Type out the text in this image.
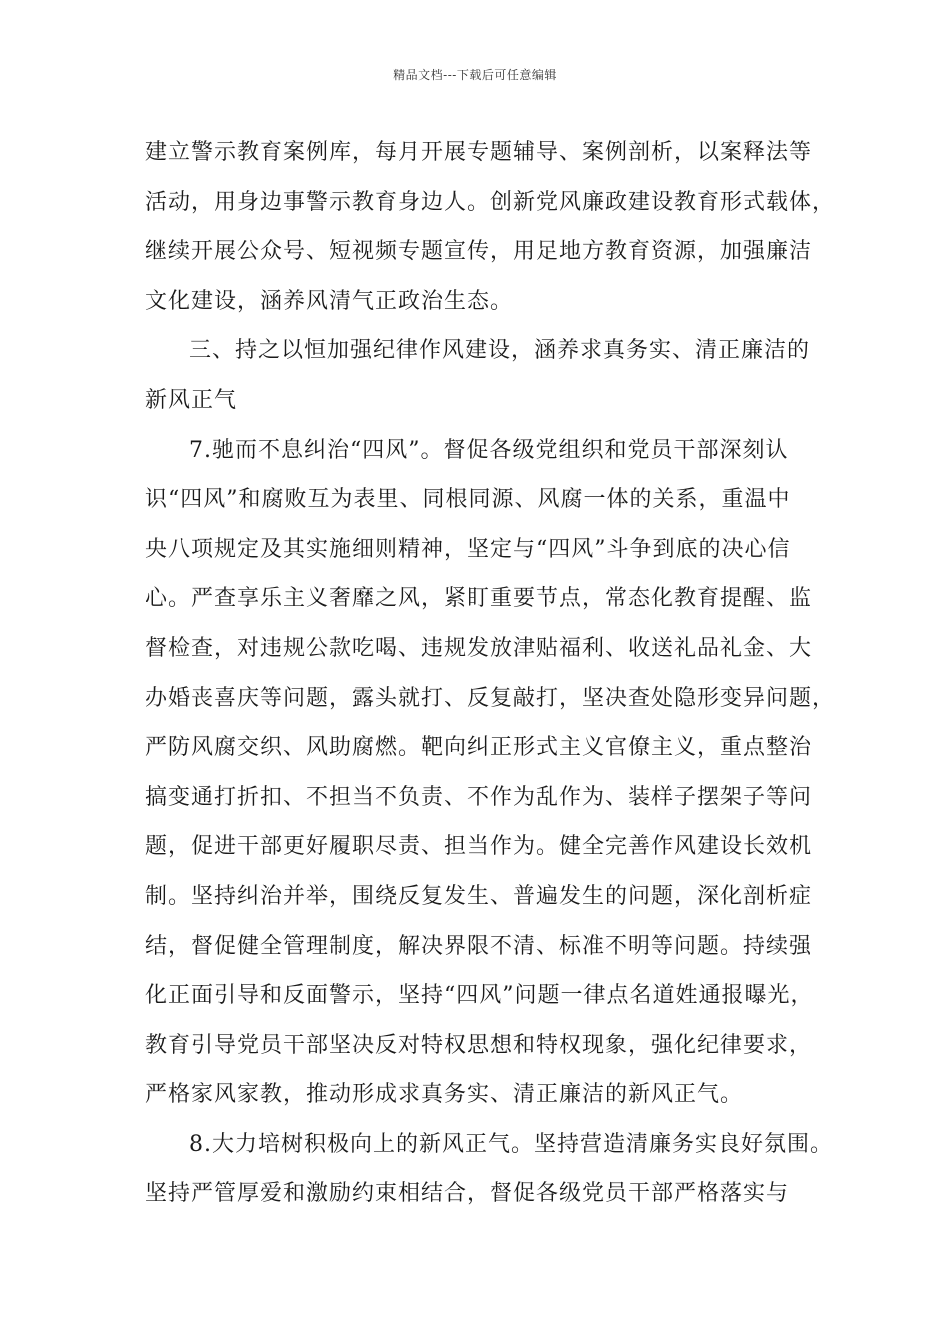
精品文档---下载后可任意编辑
建立警示教育案例库，每月开展专题辅导、案例剖析，以案释法等
活动，用身边事警示教育身边人。创新党风廉政建设教育形式载体，
继续开展公众号、短视频专题宣传，用足地方教育资源，加强廉洁
文化建设，涵养风清气正政治生态。
三、持之以恒加强纪律作风建设，涵养求真务实、清正廉洁的
新风正气
7.驰而不息纠治“四风”。督促各级党组织和党员干部深刻认
识“四风”和腐败互为表里、同根同源、风腐一体的关系，重温中
央八项规定及其实施细则精神，坚定与“四风”斗争到底的决心信
心。严查享乐主义奢靡之风，紧盯重要节点，常态化教育提醒、监
督检查，对违规公款吃喝、违规发放津贴福利、收送礼品礼金、大
办婚丧喜庆等问题，露头就打、反复敲打，坚决查处隐形变异问题，
严防风腐交织、风助腐燃。靶向纠正形式主义官僚主义，重点整治
搞变通打折扣、不担当不负责、不作为乱作为、装样子摆架子等问
题，促进干部更好履职尽责、担当作为。健全完善作风建设长效机
制。坚持纠治并举，围绕反复发生、普遍发生的问题，深化剖析症
结，督促健全管理制度，解决界限不清、标准不明等问题。持续强
化正面引导和反面警示，坚持“四风”问题一律点名道姓通报曝光，
教育引导党员干部坚决反对特权思想和特权现象，强化纪律要求，
严格家风家教，推动形成求真务实、清正廉洁的新风正气。
8.大力培树积极向上的新风正气。坚持营造清廉务实良好氛围。
坚持严管厚爱和激励约束相结合，督促各级党员干部严格落实与
